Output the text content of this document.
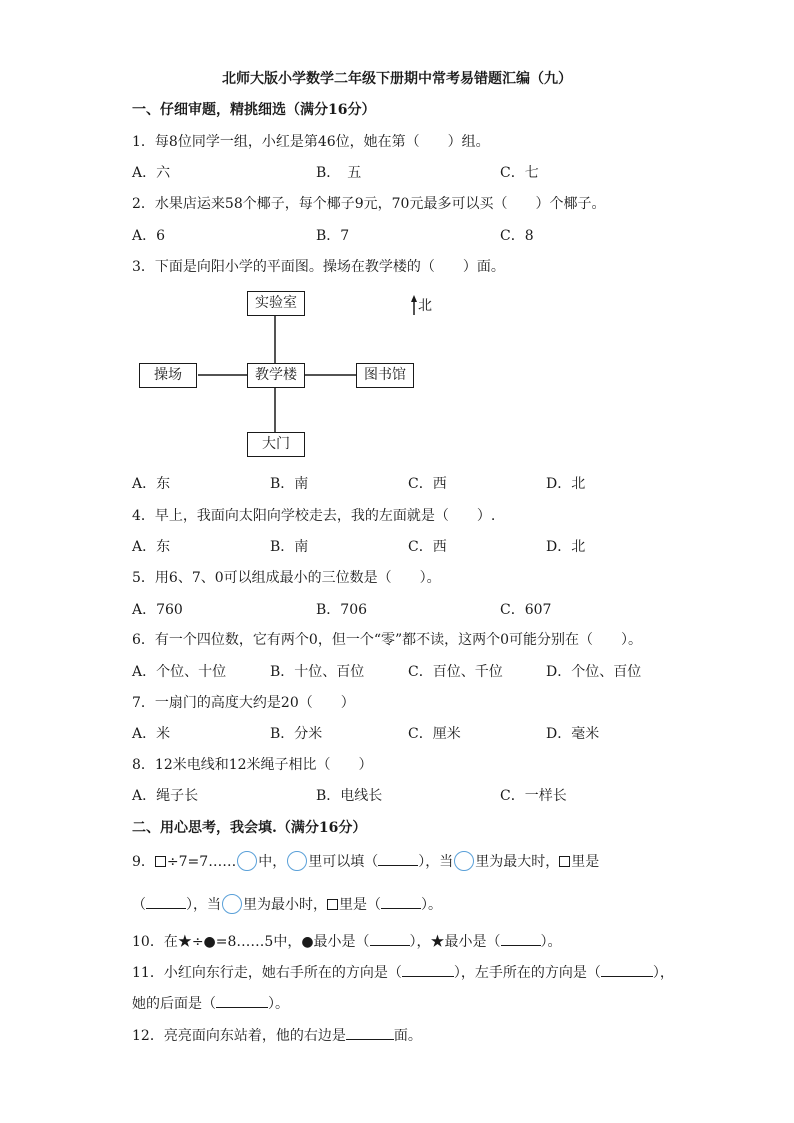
北师大版小学数学二年级下册期中常考易错题汇编（九）
一、仔细审题，精挑细选（满分16分）
1．每8位同学一组，小红是第46位，她在第（　　）组。
A．六	B．　五	C．七
2．水果店运来58个椰子，每个椰子9元，70元最多可以买（　　）个椰子。
A．6	B．7	C．8
3．下面是向阳小学的平面图。操场在教学楼的（　　）面。
实验室
操场	教学楼	图书馆
大门
北
A．东	B．南	C．西	D．北
4．早上，我面向太阳向学校走去，我的左面就是（　　）.
A．东	B．南	C．西	D．北
5．用6、7、0可以组成最小的三位数是（　　）。
A．760	B．706	C．607
6．有一个四位数，它有两个0，但一个“零”都不读，这两个0可能分别在（　　）。
A．个位、十位	B．十位、百位	C．百位、千位	D．个位、百位
7．一扇门的高度大约是20（　　）
A．米	B．分米	C．厘米	D．毫米
8．12米电线和12米绳子相比（　　）
A．绳子长	B．电线长	C．一样长
二、用心思考，我会填.（满分16分）
9． ÷7=7…… 中， 里可以填（	），当 里为最大时， 里是
（	），当 里为最小时， 里是（	）。
10．在★÷●=8……5中，●最小是（	），★最小是（	）。
11．小红向东行走，她右手所在的方向是（	），左手所在的方向是（	），
她的后面是（	）。
12．亮亮面向东站着，他的右边是	面。
